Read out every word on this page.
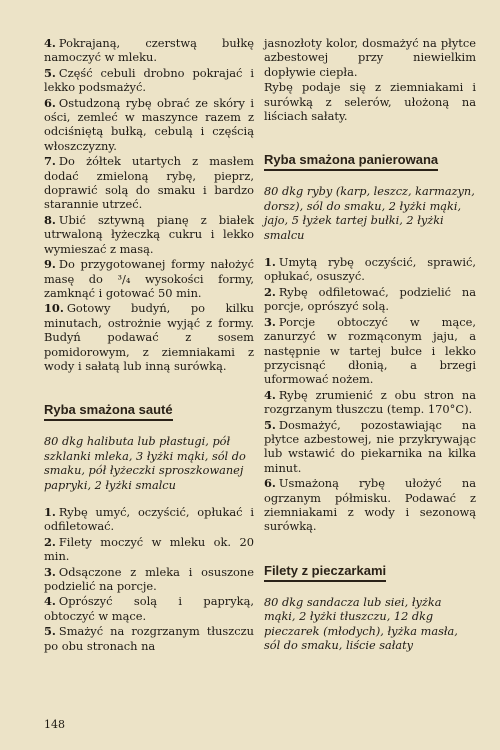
4. Pokrajaną, czerstwą bułkę namoczyć w mleku.

5. Część cebuli drobno pokrajać i lekko podsmażyć.

6. Ostudzoną rybę obrać ze skóry i ości, zemleć w maszynce razem z odciśniętą bułką, cebulą i częścią włoszczyzny.

7. Do żółtek utartych z masłem dodać zmieloną rybę, pieprz, doprawić solą do smaku i bardzo starannie utrzeć.

8. Ubić sztywną pianę z białek utrwaloną łyżeczką cukru i lekko wymieszać z masą.

9. Do przygotowanej formy nałożyć masę do ³/₄ wysokości formy, zamknąć i gotować 50 min.

10. Gotowy budyń, po kilku minutach, ostrożnie wyjąć z formy. Budyń podawać z sosem pomidorowym, z ziemniakami z wody i sałatą lub inną surówką.

Ryba smażona sauté

80 dkg halibuta lub płastugi, pół szklanki mleka, 3 łyżki mąki, sól do smaku, pół łyżeczki sproszkowanej papryki, 2 łyżki smalcu

1. Rybę umyć, oczyścić, opłukać i odfiletować.

2. Filety moczyć w mleku ok. 20 min.

3. Odsączone z mleka i osuszone podzielić na porcje.

4. Oprószyć solą i papryką, obtoczyć w mące.

5. Smażyć na rozgrzanym tłuszczu po obu stronach na

jasnozłoty kolor, dosmażyć na płytce azbestowej przy niewielkim dopływie ciepła.

Rybę podaje się z ziemniakami i surówką z selerów, ułożoną na liściach sałaty.

Ryba smażona panierowana

80 dkg ryby (karp, leszcz, karmazyn, dorsz), sól do smaku, 2 łyżki mąki, jajo, 5 łyżek tartej bułki, 2 łyżki smalcu

1. Umytą rybę oczyścić, sprawić, opłukać, osuszyć.

2. Rybę odfiletować, podzielić na porcje, oprószyć solą.

3. Porcje obtoczyć w mące, zanurzyć w rozmąconym jaju, a następnie w tartej bułce i lekko przycisnąć dłonią, a brzegi uformować nożem.

4. Rybę zrumienić z obu stron na rozgrzanym tłuszczu (temp. 170°C).

5. Dosmażyć, pozostawiając na płytce azbestowej, nie przykrywając lub wstawić do piekarnika na kilka minut.

6. Usmażoną rybę ułożyć na ogrzanym półmisku. Podawać z ziemniakami z wody i sezonową surówką.

Filety z pieczarkami

80 dkg sandacza lub siei, łyżka mąki, 2 łyżki tłuszczu, 12 dkg pieczarek (młodych), łyżka masła, sól do smaku, liście sałaty

148
